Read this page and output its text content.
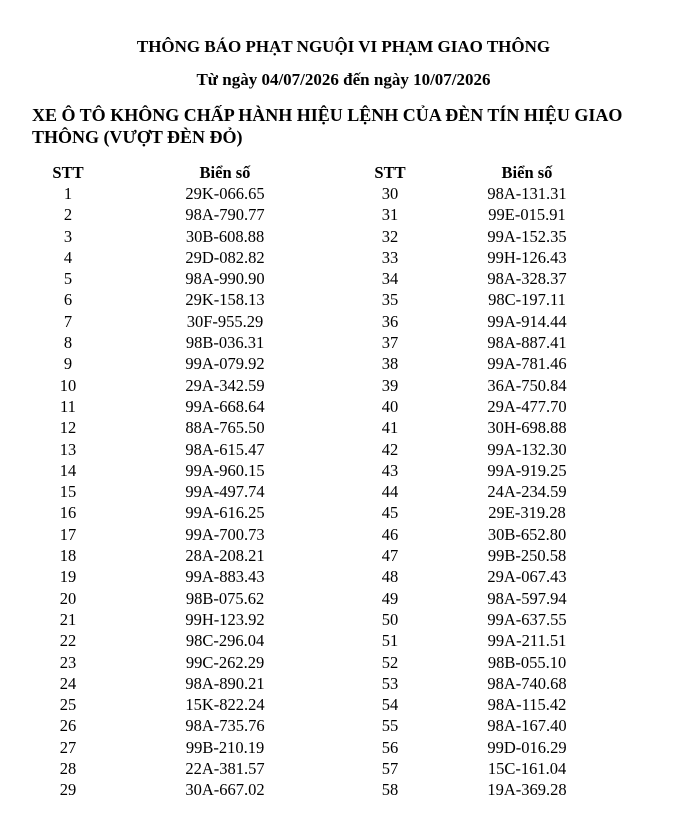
THÔNG BÁO PHẠT NGUỘI VI PHẠM GIAO THÔNG
Từ ngày 04/07/2026 đến ngày 10/07/2026
XE Ô TÔ KHÔNG CHẤP HÀNH HIỆU LỆNH CỦA ĐÈN TÍN HIỆU GIAO THÔNG (VƯỢT ĐÈN ĐỎ)
STT	Biển số	STT	Biển số
1	29K-066.65	30	98A-131.31
2	98A-790.77	31	99E-015.91
3	30B-608.88	32	99A-152.35
4	29D-082.82	33	99H-126.43
5	98A-990.90	34	98A-328.37
6	29K-158.13	35	98C-197.11
7	30F-955.29	36	99A-914.44
8	98B-036.31	37	98A-887.41
9	99A-079.92	38	99A-781.46
10	29A-342.59	39	36A-750.84
11	99A-668.64	40	29A-477.70
12	88A-765.50	41	30H-698.88
13	98A-615.47	42	99A-132.30
14	99A-960.15	43	99A-919.25
15	99A-497.74	44	24A-234.59
16	99A-616.25	45	29E-319.28
17	99A-700.73	46	30B-652.80
18	28A-208.21	47	99B-250.58
19	99A-883.43	48	29A-067.43
20	98B-075.62	49	98A-597.94
21	99H-123.92	50	99A-637.55
22	98C-296.04	51	99A-211.51
23	99C-262.29	52	98B-055.10
24	98A-890.21	53	98A-740.68
25	15K-822.24	54	98A-115.42
26	98A-735.76	55	98A-167.40
27	99B-210.19	56	99D-016.29
28	22A-381.57	57	15C-161.04
29	30A-667.02	58	19A-369.28
